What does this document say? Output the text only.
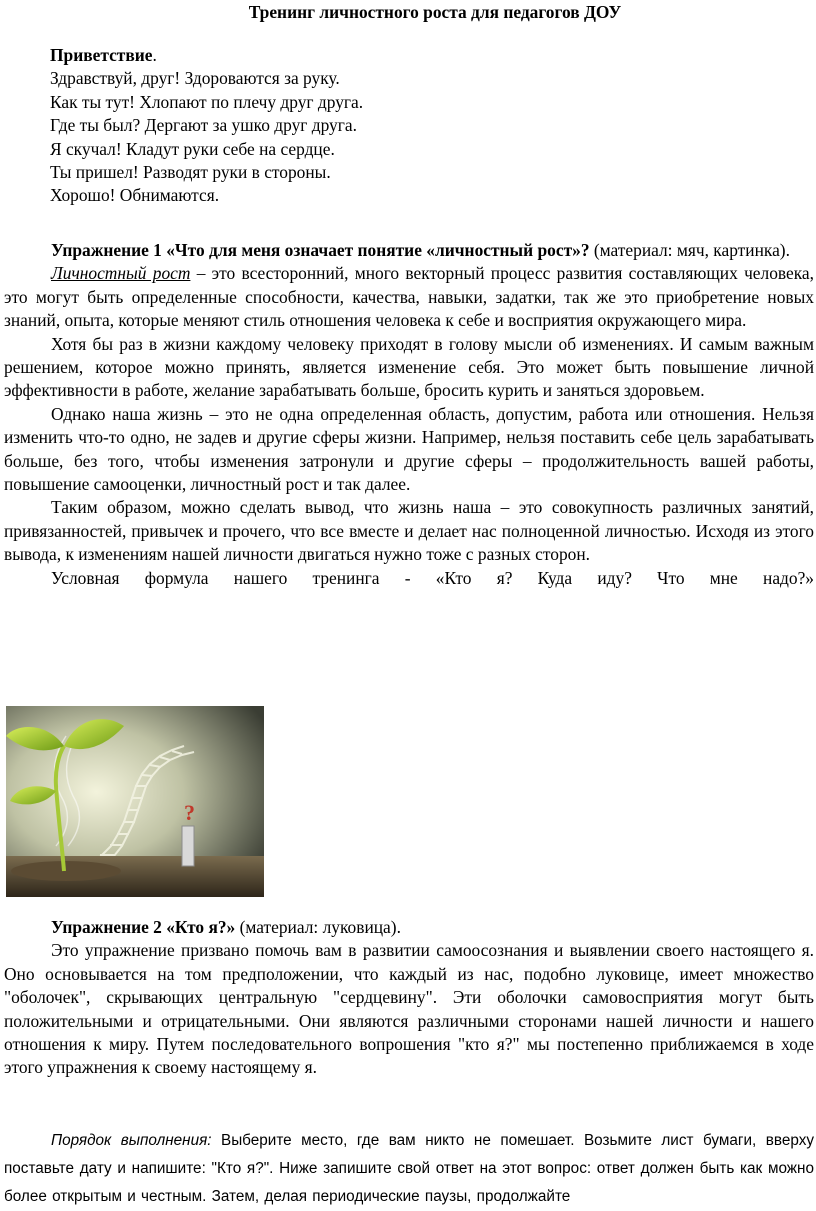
Тренинг личностного роста для педагогов ДОУ
Приветствие.
Здравствуй, друг! Здороваются за руку.
Как ты тут! Хлопают по плечу друг друга.
Где ты был? Дергают за ушко друг друга.
Я скучал! Кладут руки себе на сердце.
Ты пришел! Разводят руки в стороны.
Хорошо! Обнимаются.

Упражнение 1 «Что для меня означает понятие «личностный рост»? (материал: мяч, картинка).

Личностный рост – это всесторонний, много векторный процесс развития составляющих человека, это могут быть определенные способности, качества, навыки, задатки, так же это приобретение новых знаний, опыта, которые меняют стиль отношения человека к себе и восприятия окружающего мира.

Хотя бы раз в жизни каждому человеку приходят в голову мысли об изменениях. И самым важным решением, которое можно принять, является изменение себя. Это может быть повышение личной эффективности в работе, желание зарабатывать больше, бросить курить и заняться здоровьем.

Однако наша жизнь – это не одна определенная область, допустим, работа или отношения. Нельзя изменить что-то одно, не задев и другие сферы жизни. Например, нельзя поставить себе цель зарабатывать больше, без того, чтобы изменения затронули и другие сферы – продолжительность вашей работы, повышение самооценки, личностный рост и так далее.

Таким образом, можно сделать вывод, что жизнь наша – это совокупность различных занятий, привязанностей, привычек и прочего, что все вместе и делает нас полноценной личностью. Исходя из этого вывода, к изменениям нашей личности двигаться нужно тоже с разных сторон.

Условная формула нашего тренинга - «Кто я? Куда иду? Что мне надо?»

?

Упражнение 2 «Кто я?» (материал: луковица).

Это упражнение призвано помочь вам в развитии самоосознания и выявлении своего настоящего я. Оно основывается на том предположении, что каждый из нас, подобно луковице, имеет множество "оболочек", скрывающих центральную "сердцевину". Эти оболочки самовосприятия могут быть положительными и отрицательными. Они являются различными сторонами нашей личности и нашего отношения к миру. Путем последовательного вопрошения "кто я?" мы постепенно приближаемся в ходе этого упражнения к своему настоящему я.

Порядок выполнения: Выберите место, где вам никто не помешает. Возьмите лист бумаги, вверху поставьте дату и напишите: "Кто я?". Ниже запишите свой ответ на этот вопрос: ответ должен быть как можно более открытым и честным. Затем, делая периодические паузы, продолжайте
